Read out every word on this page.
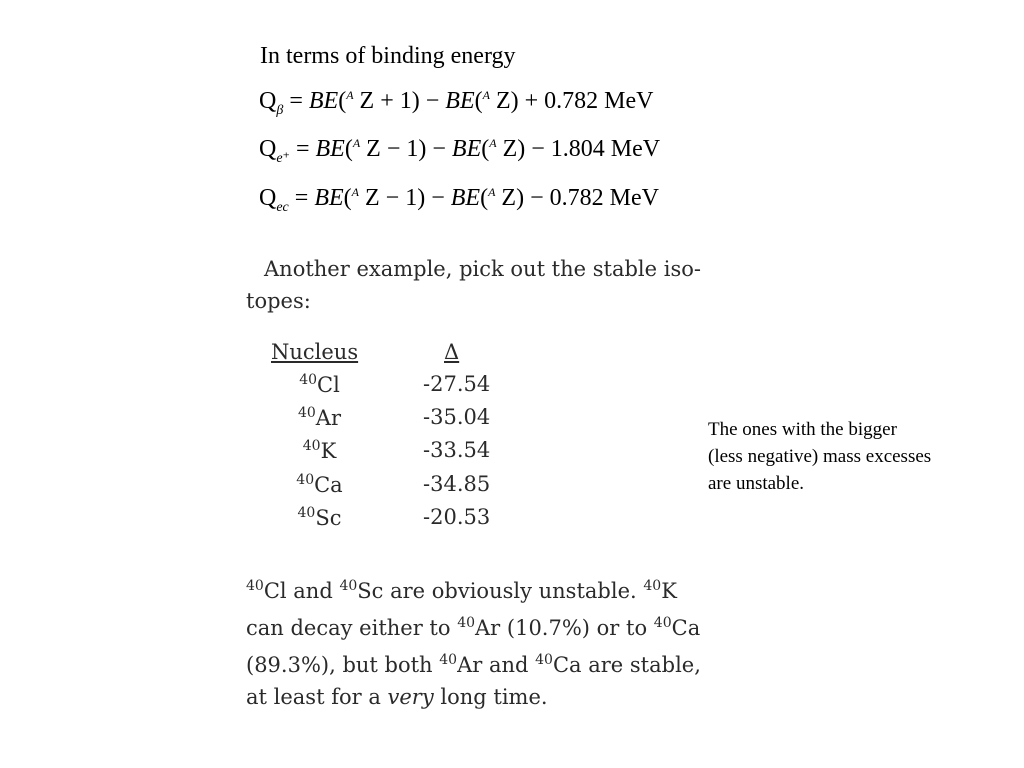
In terms of binding energy
$Q_\beta = BE(^A$ Z + 1) − BE($^A$ Z) + 0.782 MeV
$Q_{e^+} = BE(^A$ Z − 1) − BE($^A$ Z) − 1.804 MeV
$Q_{ec} = BE(^A$ Z − 1) − BE($^A$ Z) − 0.782 MeV
Another example, pick out the stable iso-
topes:
Nucleus	Δ
$^{40}$Cl	-27.54
$^{40}$Ar	-35.04
$^{40}$K	-33.54
$^{40}$Ca	-34.85
$^{40}$Sc	-20.53
The ones with the bigger
(less negative) mass excesses
are unstable.
$^{40}$Cl and $^{40}$Sc are obviously unstable. $^{40}$K
can decay either to $^{40}$Ar (10.7%) or to $^{40}$Ca
(89.3%), but both $^{40}$Ar and $^{40}$Ca are stable,
at least for a very long time.
